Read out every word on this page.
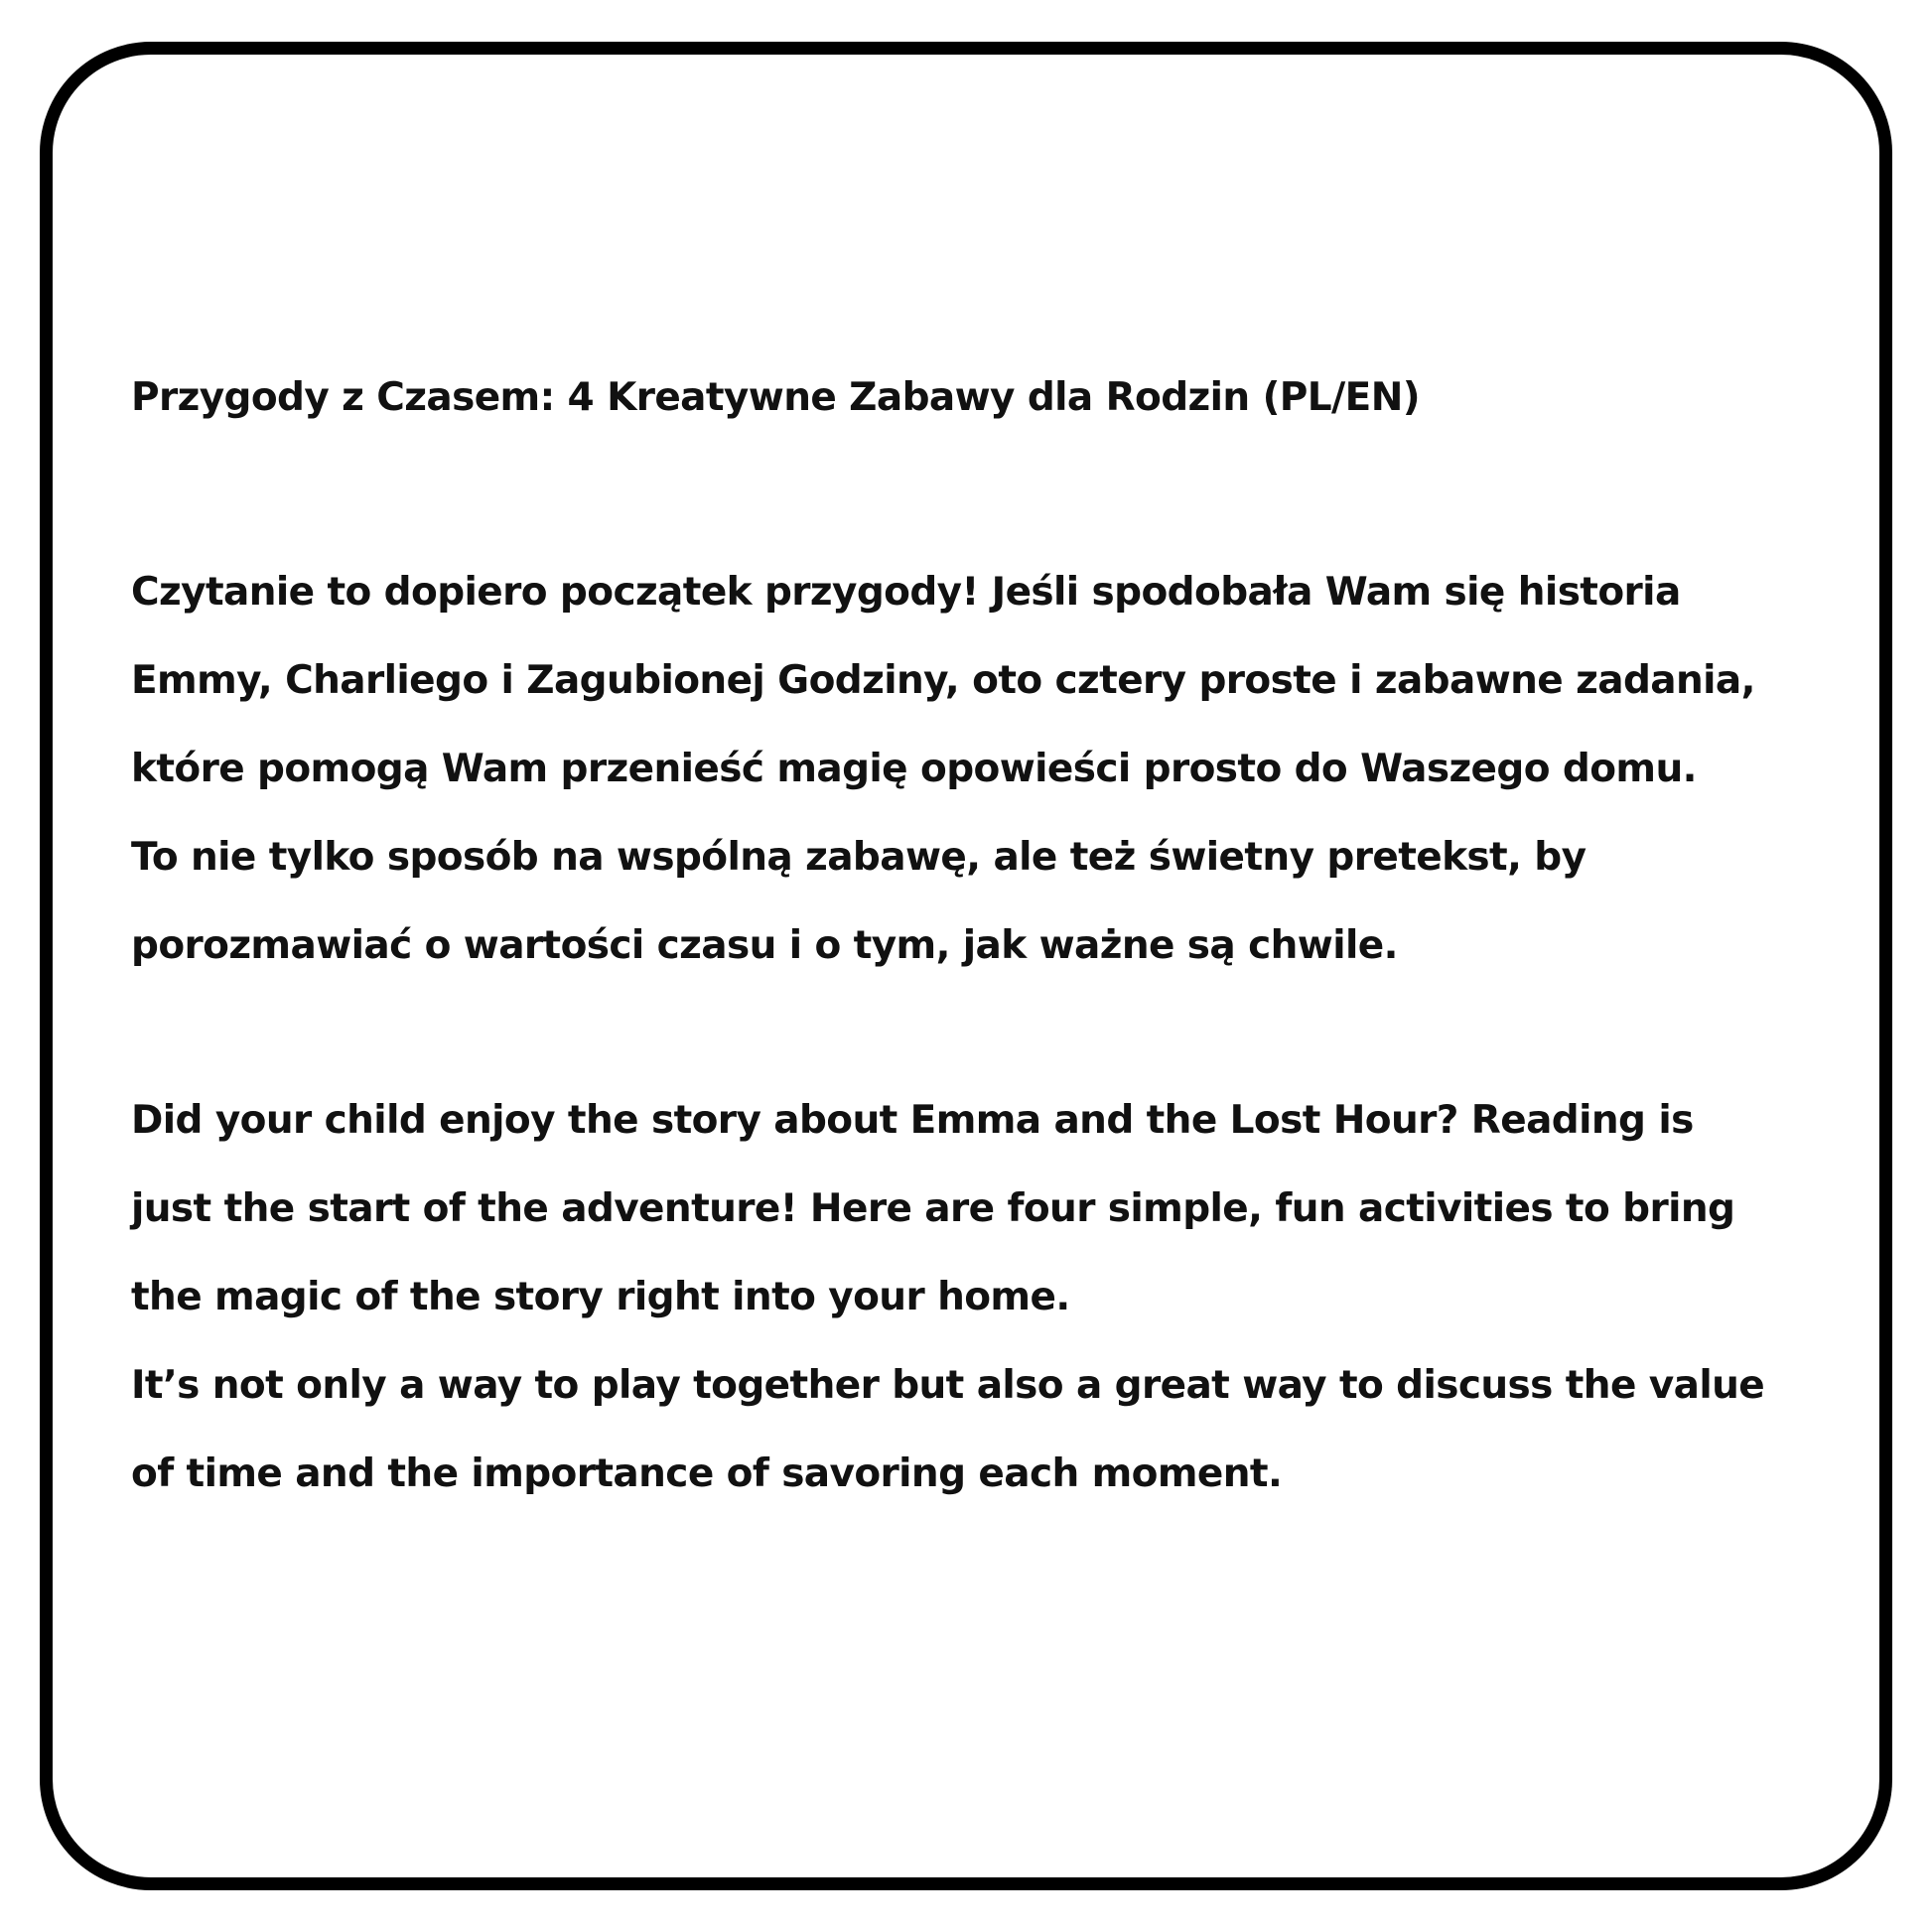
Przygody z Czasem: 4 Kreatywne Zabawy dla Rodzin (PL/EN)

Czytanie to dopiero początek przygody! Jeśli spodobała Wam się historia
Emmy, Charliego i Zagubionej Godziny, oto cztery proste i zabawne zadania,
które pomogą Wam przenieść magię opowieści prosto do Waszego domu.
To nie tylko sposób na wspólną zabawę, ale też świetny pretekst, by
porozmawiać o wartości czasu i o tym, jak ważne są chwile.

Did your child enjoy the story about Emma and the Lost Hour? Reading is
just the start of the adventure! Here are four simple, fun activities to bring
the magic of the story right into your home.
It’s not only a way to play together but also a great way to discuss the value
of time and the importance of savoring each moment.
